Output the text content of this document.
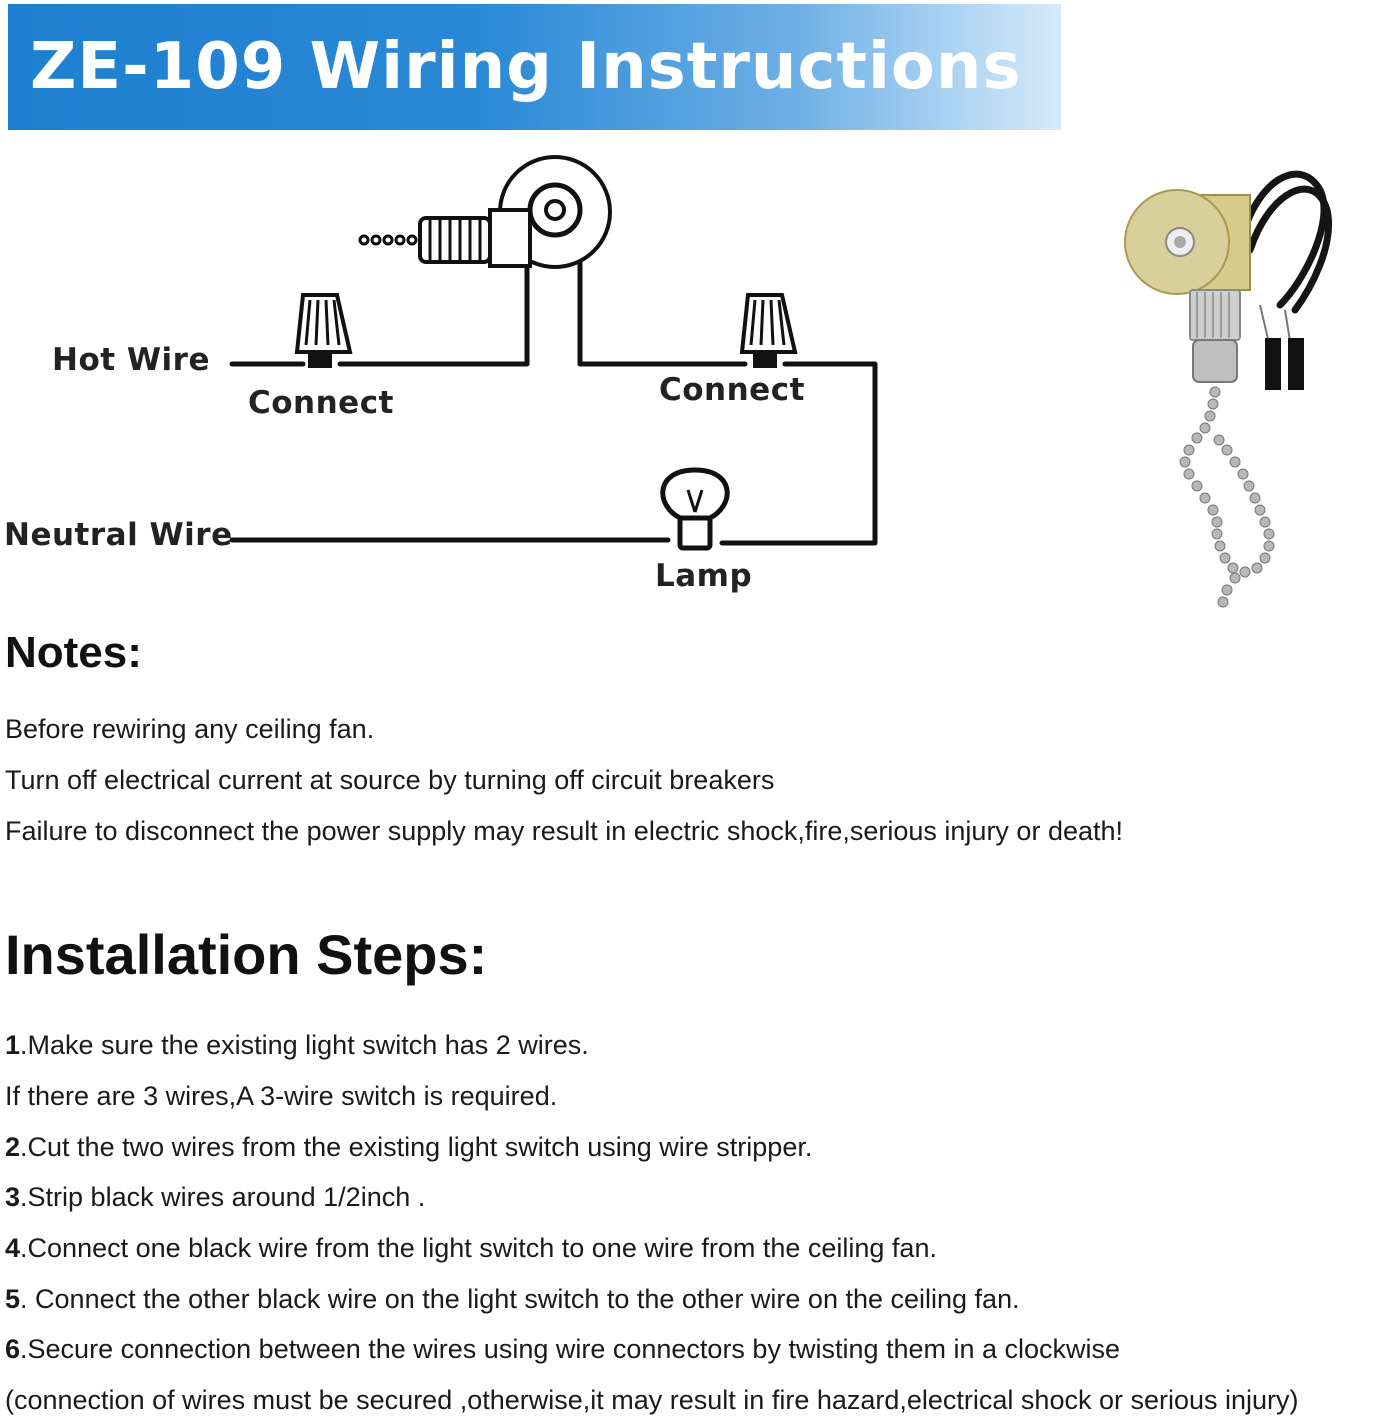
ZE-109 Wiring Instructions
Hot Wire
Neutral Wire
Connect	Connect
Lamp
Notes:
Before rewiring any ceiling fan.
Turn off electrical current at source by turning off circuit breakers
Failure to disconnect the power supply may result in electric shock,fire,serious injury or death!
Installation Steps:
1.Make sure the existing light switch has 2 wires.
If there are 3 wires,A 3-wire switch is required.
2.Cut the two wires from the existing light switch using wire stripper.
3.Strip black wires around 1/2inch .
4.Connect one black wire from the light switch to one wire from the ceiling fan.
5. Connect the other black wire on the light switch to the other wire on the ceiling fan.
6.Secure connection between the wires using wire connectors by twisting them in a clockwise
(connection of wires must be secured ,otherwise,it may result in fire hazard,electrical shock or serious injury)
